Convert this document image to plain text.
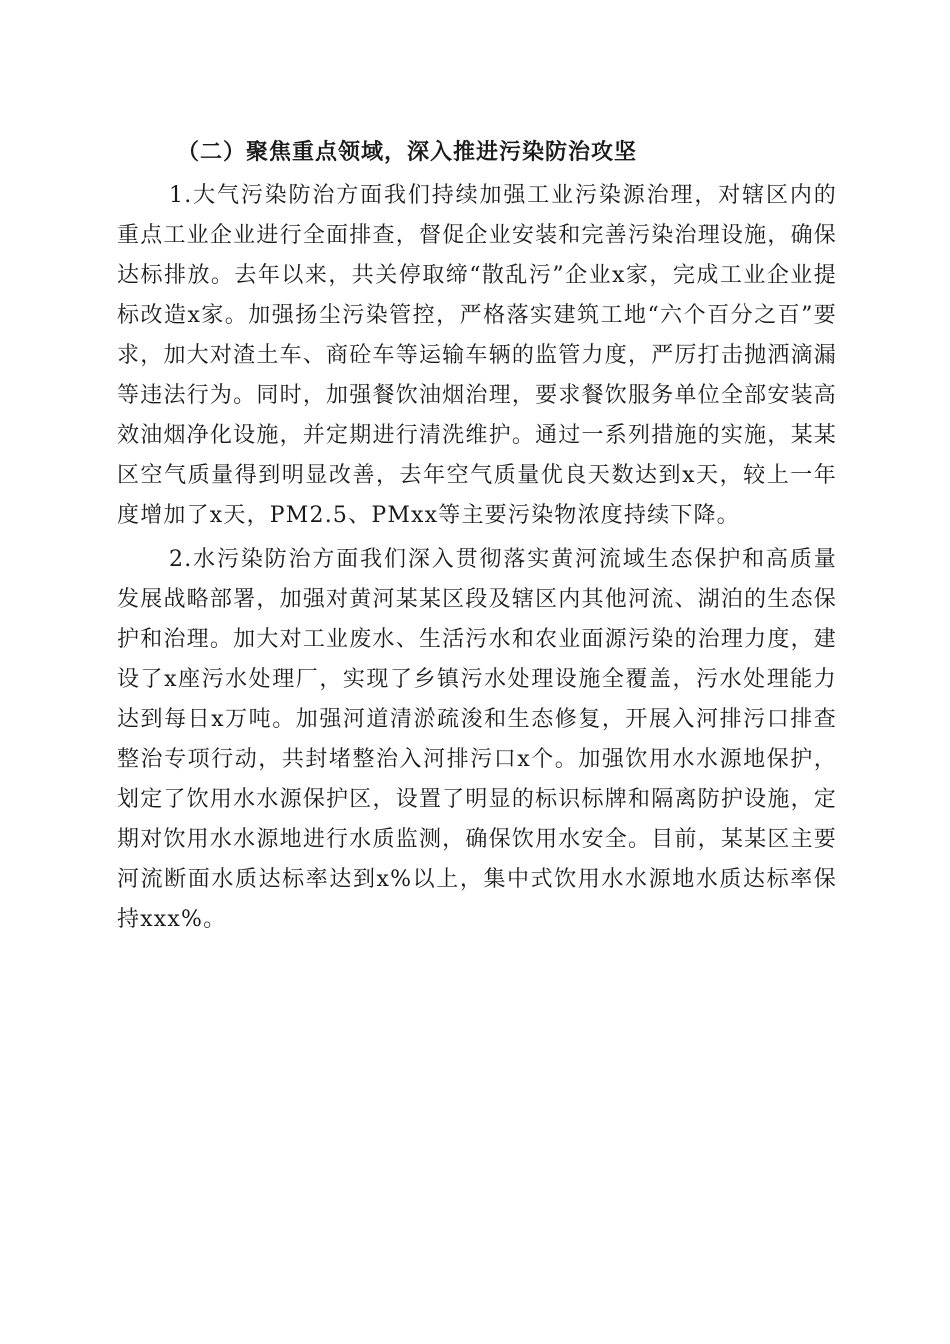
（二）聚焦重点领域，深入推进污染防治攻坚

1.大气污染防治方面我们持续加强工业污染源治理，对辖区内的重点工业企业进行全面排查，督促企业安装和完善污染治理设施，确保达标排放。去年以来，共关停取缔“散乱污”企业x家，完成工业企业提标改造x家。加强扬尘污染管控，严格落实建筑工地“六个百分之百”要求，加大对渣土车、商砼车等运输车辆的监管力度，严厉打击抛洒滴漏等违法行为。同时，加强餐饮油烟治理，要求餐饮服务单位全部安装高效油烟净化设施，并定期进行清洗维护。通过一系列措施的实施，某某区空气质量得到明显改善，去年空气质量优良天数达到x天，较上一年度增加了x天，PM2.5、PMxx等主要污染物浓度持续下降。

2.水污染防治方面我们深入贯彻落实黄河流域生态保护和高质量发展战略部署，加强对黄河某某区段及辖区内其他河流、湖泊的生态保护和治理。加大对工业废水、生活污水和农业面源污染的治理力度，建设了x座污水处理厂，实现了乡镇污水处理设施全覆盖，污水处理能力达到每日x万吨。加强河道清淤疏浚和生态修复，开展入河排污口排查整治专项行动，共封堵整治入河排污口x个。加强饮用水水源地保护，划定了饮用水水源保护区，设置了明显的标识标牌和隔离防护设施，定期对饮用水水源地进行水质监测，确保饮用水安全。目前，某某区主要河流断面水质达标率达到x%以上，集中式饮用水水源地水质达标率保持xxx%。
